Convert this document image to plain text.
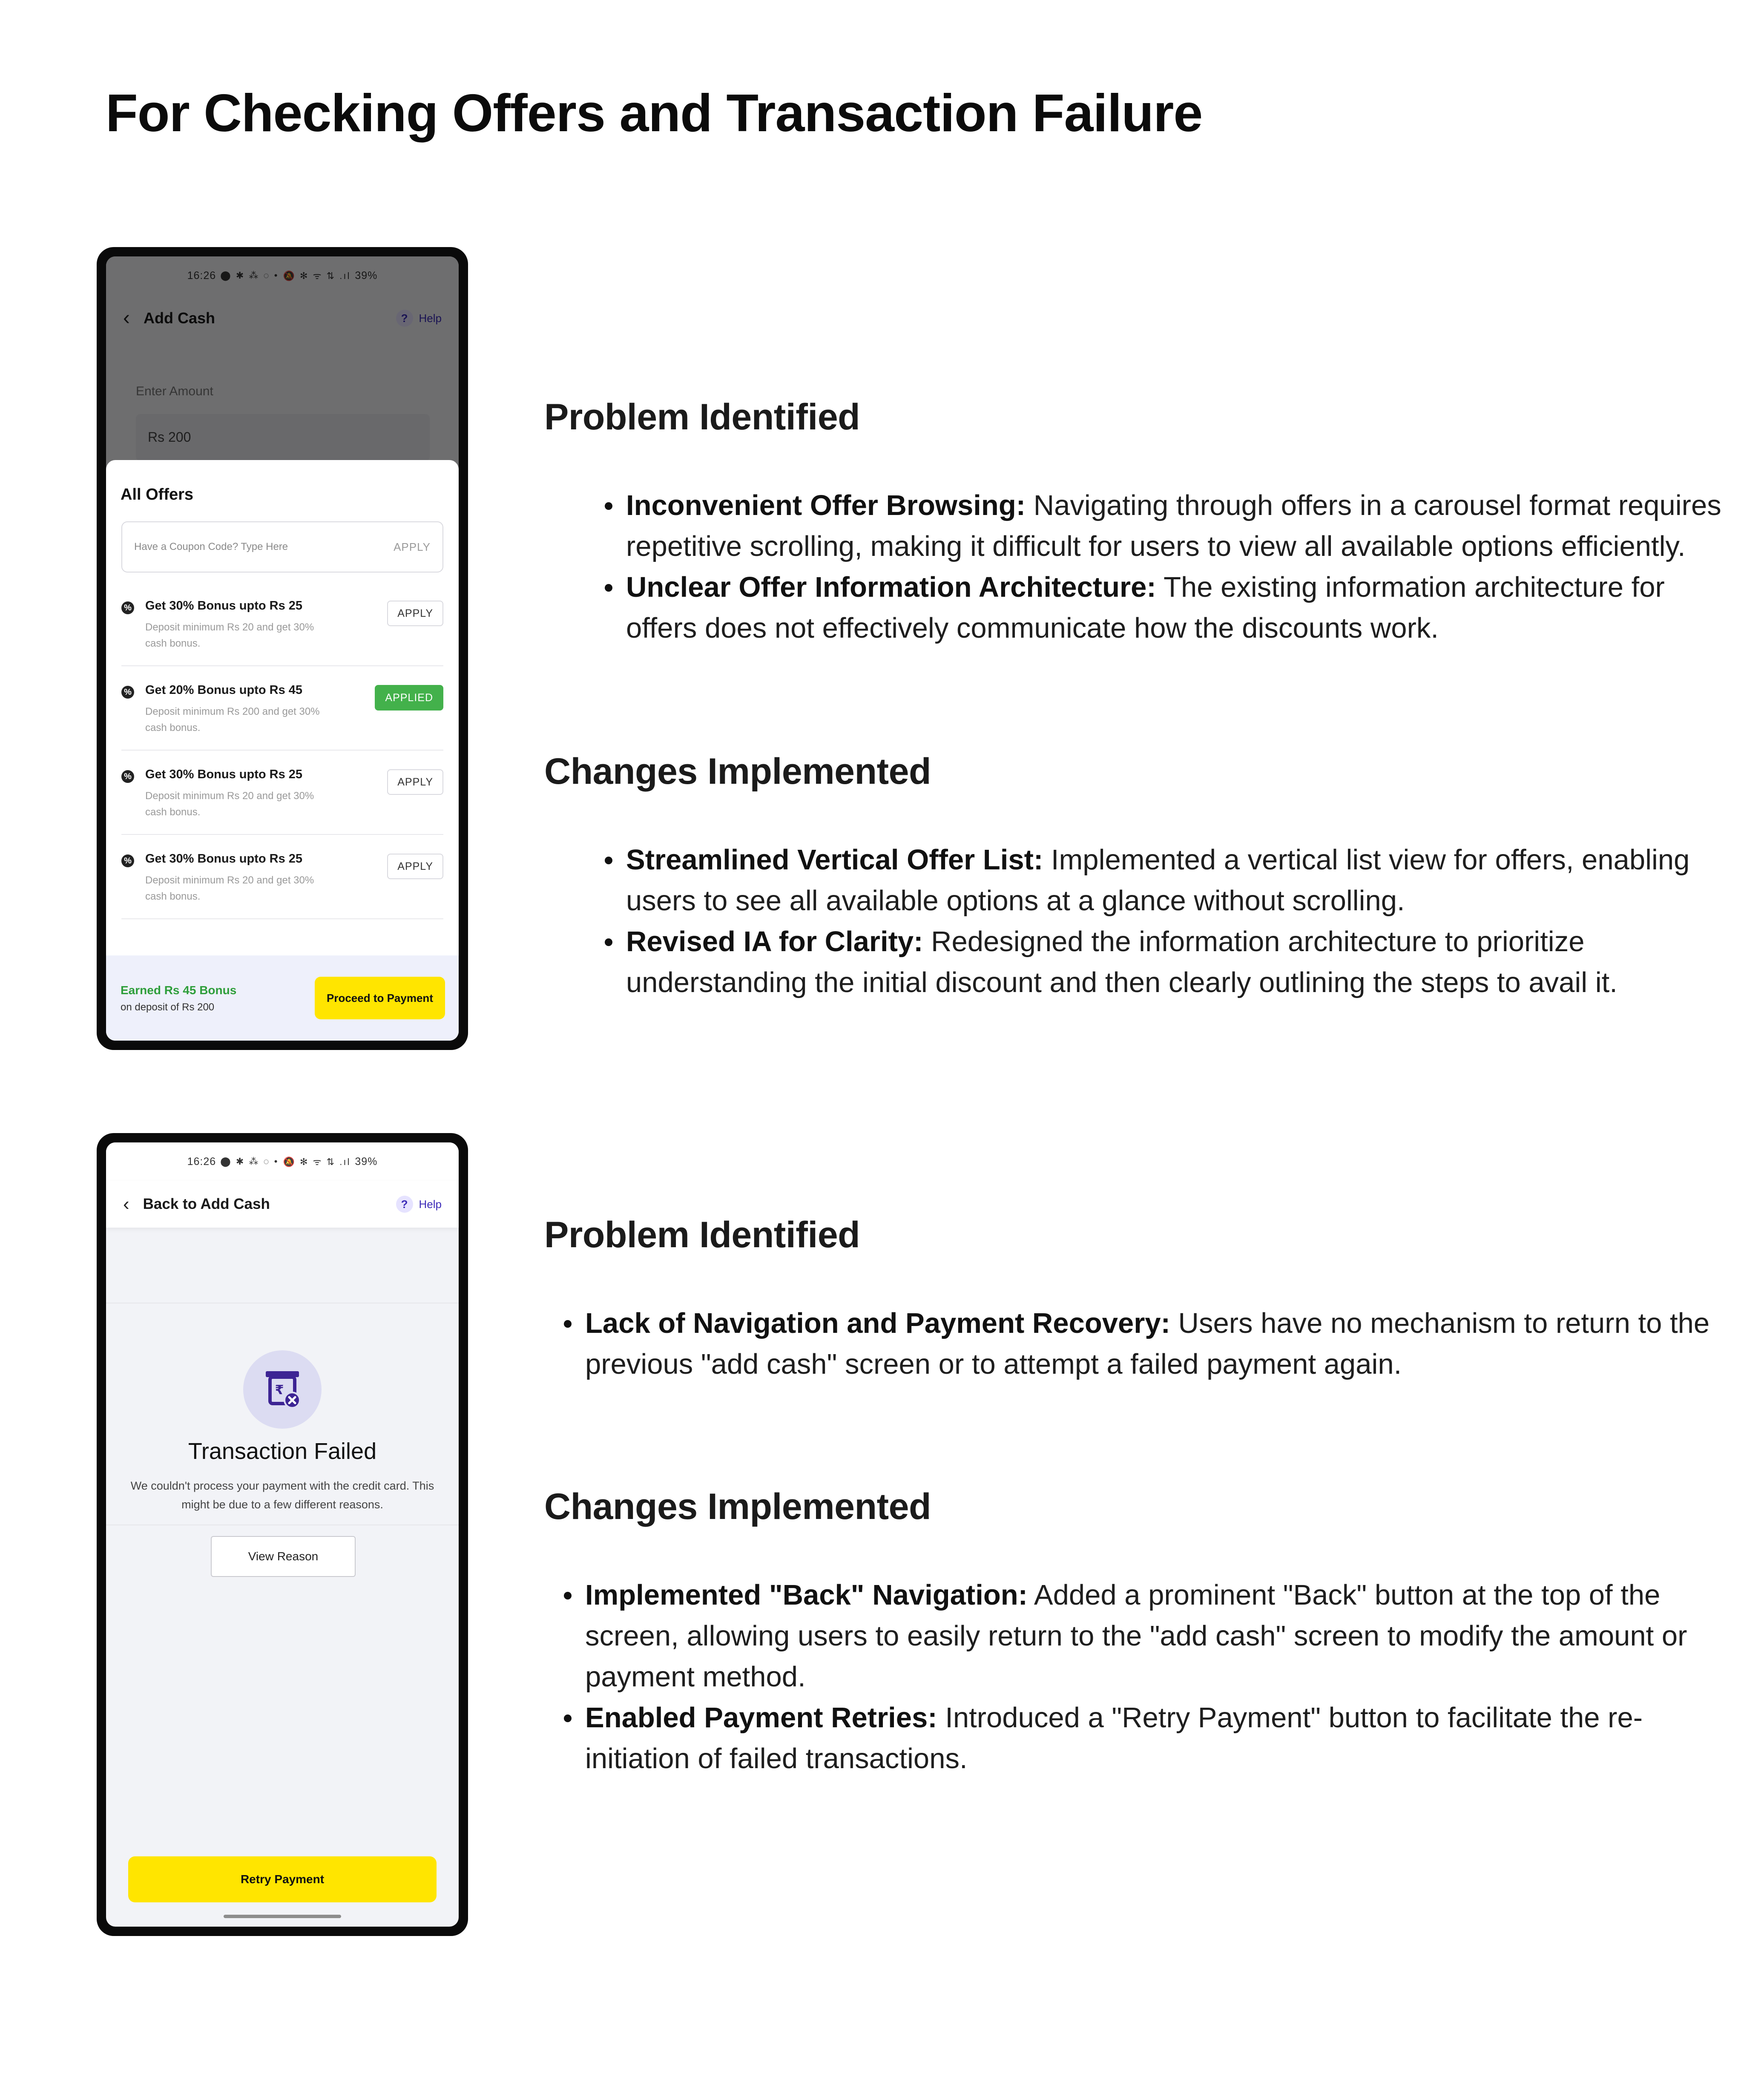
For Checking Offers and Transaction Failure
All Offers
Have a Coupon Code? Type Here	APPLY
% Get 30% Bonus upto Rs 25
Deposit minimum Rs 20 and get 30% cash bonus.
APPLY
% Get 20% Bonus upto Rs 45
Deposit minimum Rs 200 and get 30% cash bonus.
APPLIED
% Get 30% Bonus upto Rs 25
Deposit minimum Rs 20 and get 30% cash bonus.
APPLY
% Get 30% Bonus upto Rs 25
Deposit minimum Rs 20 and get 30% cash bonus.
APPLY
Earned Rs 45 Bonus
on deposit of Rs 200
Proceed to Payment
16:26 ⬤ ✱ ⁂ ◌ • 🔕 ✻ ᯤ ⇅ .ıl 39%
‹ Back to Add Cash	?	Help
₹
Transaction Failed
We couldn't process your payment with the credit card. This might be due to a few different reasons.
View Reason
Retry Payment
Problem Identified
Inconvenient Offer Browsing: Navigating through offers in a carousel format requires repetitive scrolling, making it difficult for users to view all available options efficiently.
Unclear Offer Information Architecture: The existing information architecture for offers does not effectively communicate how the discounts work.
Changes Implemented
Streamlined Vertical Offer List: Implemented a vertical list view for offers, enabling users to see all available options at a glance without scrolling.
Revised IA for Clarity: Redesigned the information architecture to prioritize understanding the initial discount and then clearly outlining the steps to avail it.
Problem Identified
Lack of Navigation and Payment Recovery: Users have no mechanism to return to the previous "add cash" screen or to attempt a failed payment again.
Changes Implemented
Implemented "Back" Navigation: Added a prominent "Back" button at the top of the screen, allowing users to easily return to the "add cash" screen to modify the amount or payment method.
Enabled Payment Retries: Introduced a "Retry Payment" button to facilitate the re-initiation of failed transactions.
